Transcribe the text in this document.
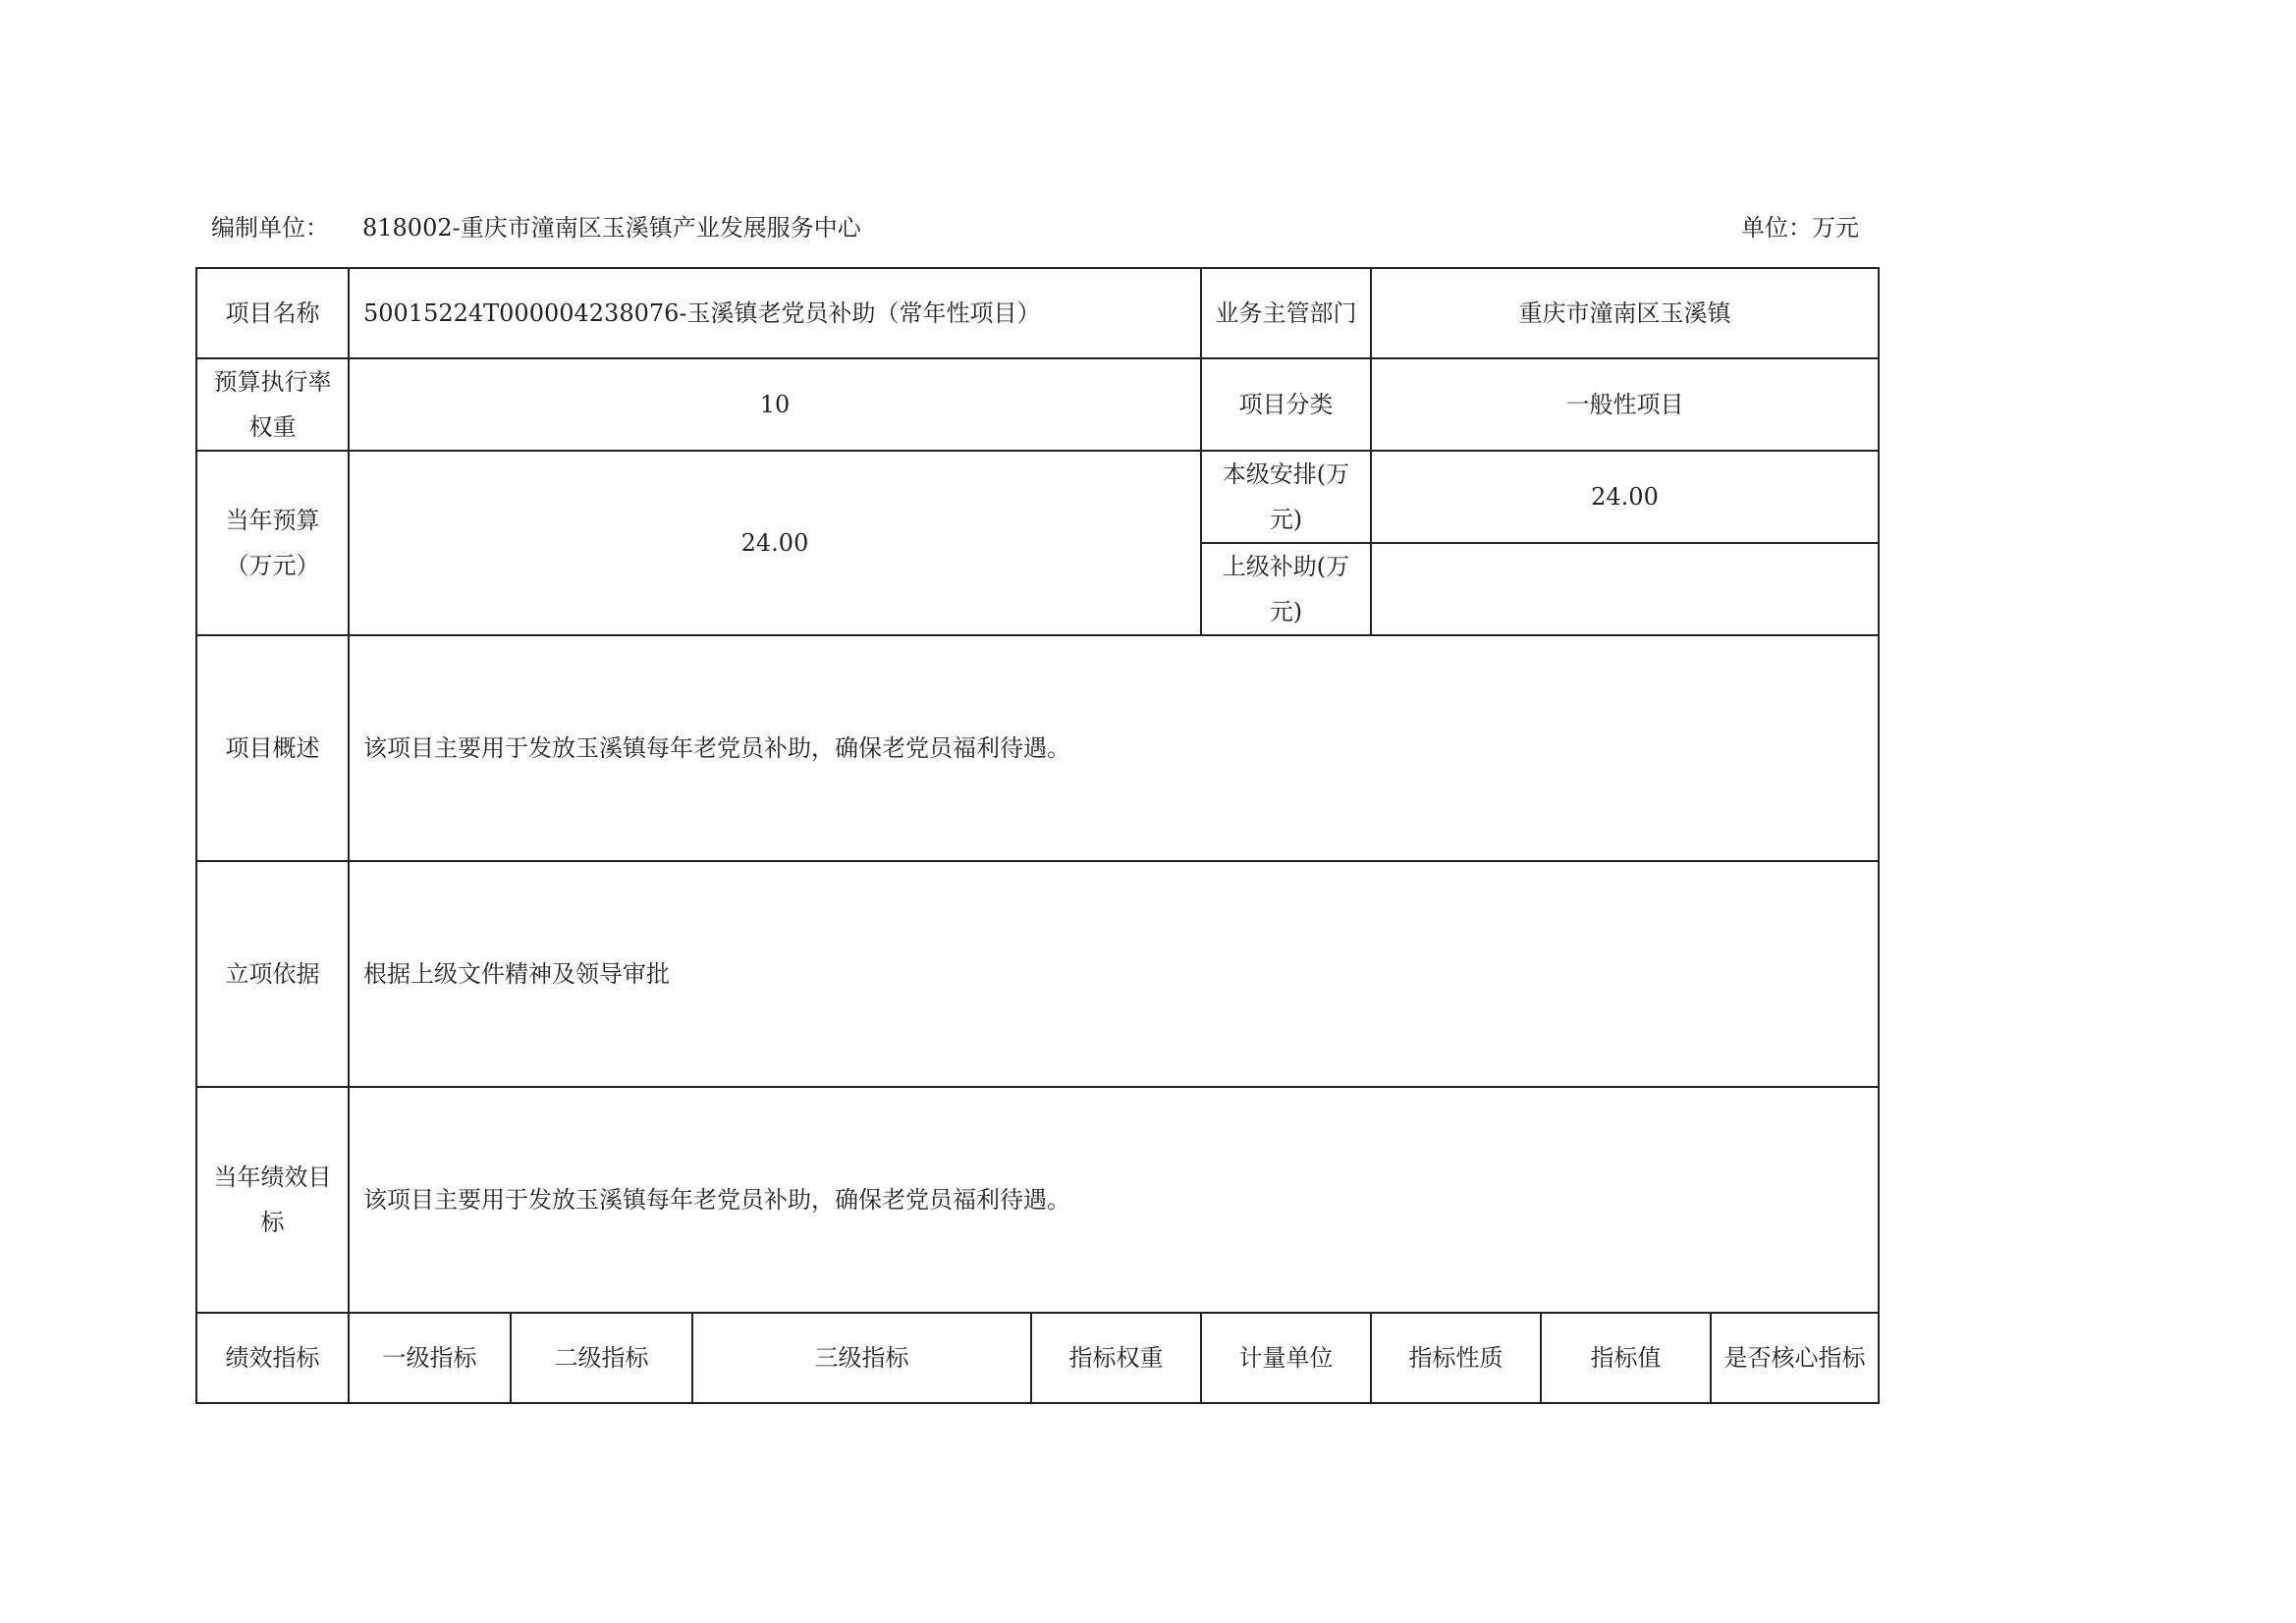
编制单位： 818002-重庆市潼南区玉溪镇产业发展服务中心	单位：万元
项目名称	50015224T000004238076-玉溪镇老党员补助（常年性项目）				业务主管部门	重庆市潼南区玉溪镇		
预算执行率权重	10				项目分类	一般性项目		
当年预算（万元）	24.00				本级安排(万元)	24.00		
					上级补助(万元)			
项目概述	该项目主要用于发放玉溪镇每年老党员补助，确保老党员福利待遇。							
立项依据	根据上级文件精神及领导审批							
当年绩效目标	该项目主要用于发放玉溪镇每年老党员补助，确保老党员福利待遇。							
绩效指标	一级指标	二级指标	三级指标	指标权重	计量单位	指标性质	指标值	是否核心指标
